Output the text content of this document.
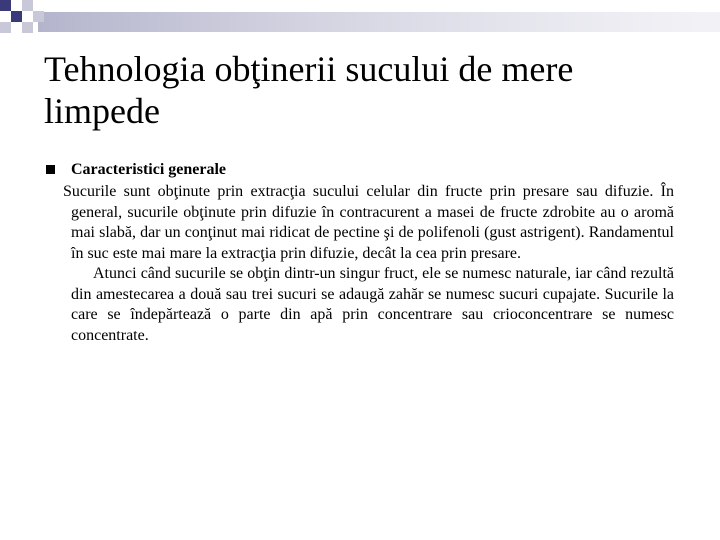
Tehnologia obţinerii sucului de mere limpede

Caracteristici generale

Sucurile sunt obţinute prin extracţia sucului celular din fructe prin presare sau difuzie. În general, sucurile obţinute prin difuzie în contracurent a masei de fructe zdrobite au o aromă mai slabă, dar un conţinut mai ridicat de pectine şi de polifenoli (gust astrigent). Randamentul în suc este mai mare la extracţia prin difuzie, decât la cea prin presare.

Atunci când sucurile se obţin dintr-un singur fruct, ele se numesc naturale, iar când rezultă din amestecarea a două sau trei sucuri se adaugă zahăr se numesc sucuri cupajate. Sucurile la care se îndepărtează o parte din apă prin concentrare sau crioconcentrare se numesc concentrate.
